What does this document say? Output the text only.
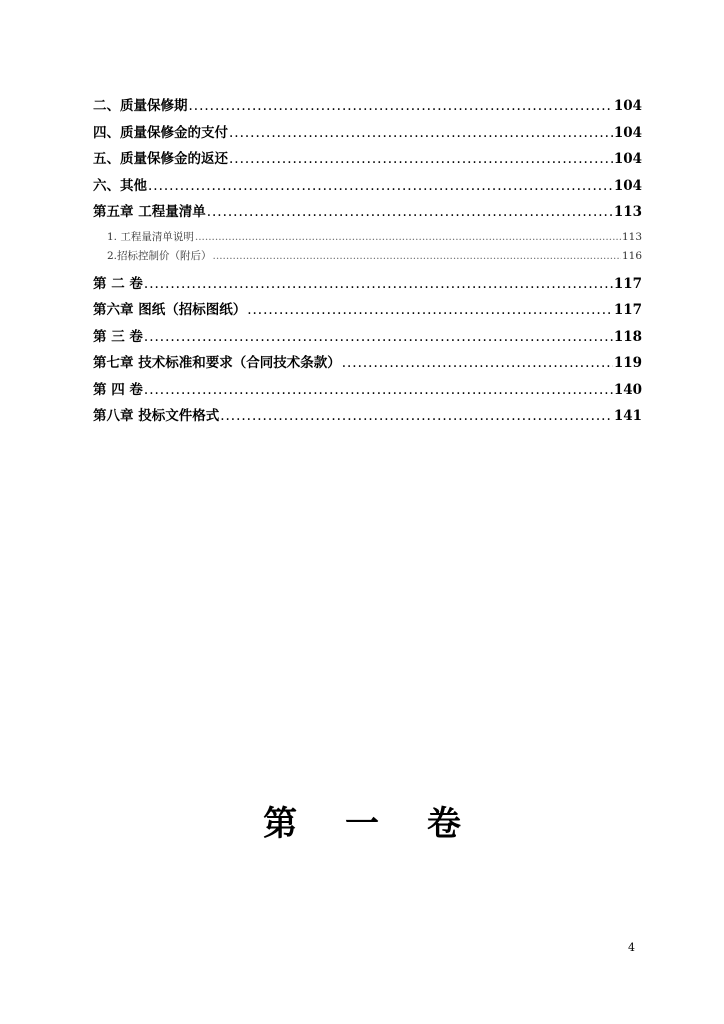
二、质量保修期 .....	104
四、质量保修金的支付 .....	104
五、质量保修金的返还 .....	104
六、其他 .....	104
第五章 工程量清单 .....	113
1. 工程量清单说明 .....	113
2.招标控制价（附后） .....	116
第 二 卷 .....	117
第六章 图纸（招标图纸） .....	117
第 三 卷 .....	118
第七章 技术标准和要求（合同技术条款） .....	119
第 四 卷 .....	140
第八章 投标文件格式 .....	141
第 一 卷
4
